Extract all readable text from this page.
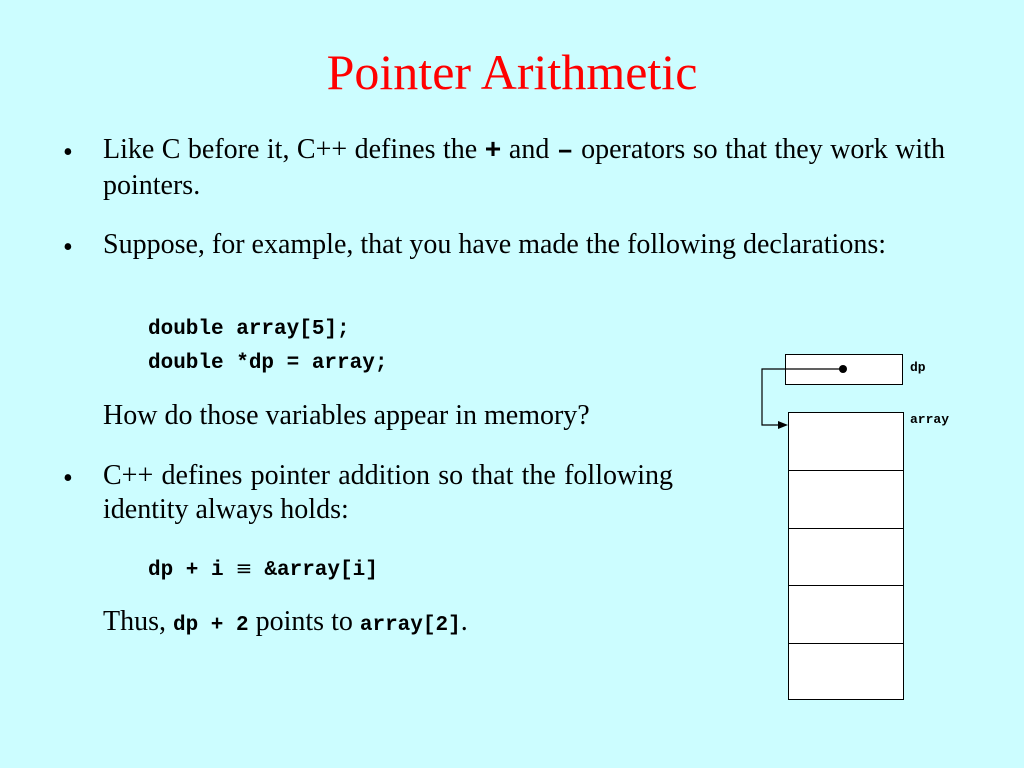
Pointer Arithmetic
• Like C before it, C++ defines the + and – operators so that they work with pointers.
• Suppose, for example, that you have made the following declarations:
double array[5];
double *dp = array;
How do those variables appear in memory?
• C++ defines pointer addition so that the following identity always holds:
dp + i ≡ &array[i]
Thus, dp + 2 points to array[2].
dp
array
